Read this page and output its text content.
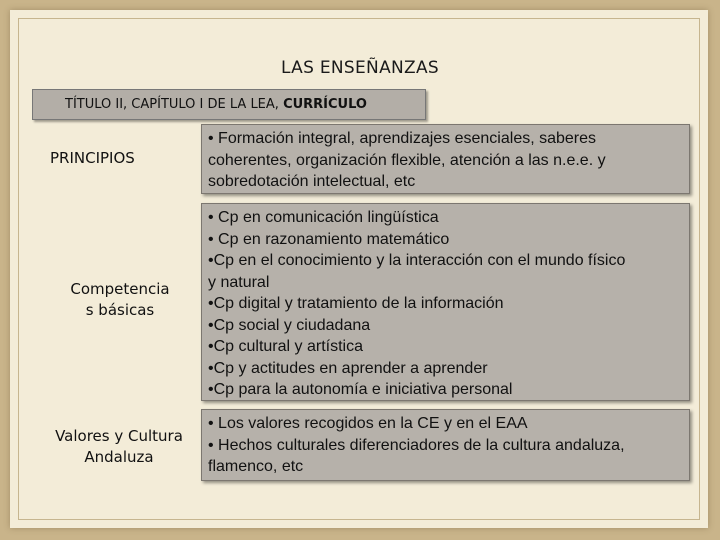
LAS ENSEÑANZAS
TÍTULO II, CAPÍTULO I DE LA LEA, CURRÍCULO
PRINCIPIOS
• Formación integral, aprendizajes esenciales, saberes
coherentes, organización flexible, atención a las n.e.e. y
sobredotación intelectual, etc
Competencia
s básicas
• Cp en comunicación lingüística
• Cp en razonamiento matemático
•Cp en el conocimiento y la interacción con el mundo físico
y natural
•Cp digital y tratamiento de la información
•Cp social y ciudadana
•Cp cultural y artística
•Cp y actitudes en aprender a aprender
•Cp para la autonomía e iniciativa personal
Valores y Cultura
Andaluza
• Los valores recogidos en la CE y en el EAA
• Hechos culturales diferenciadores de la cultura andaluza,
flamenco, etc
